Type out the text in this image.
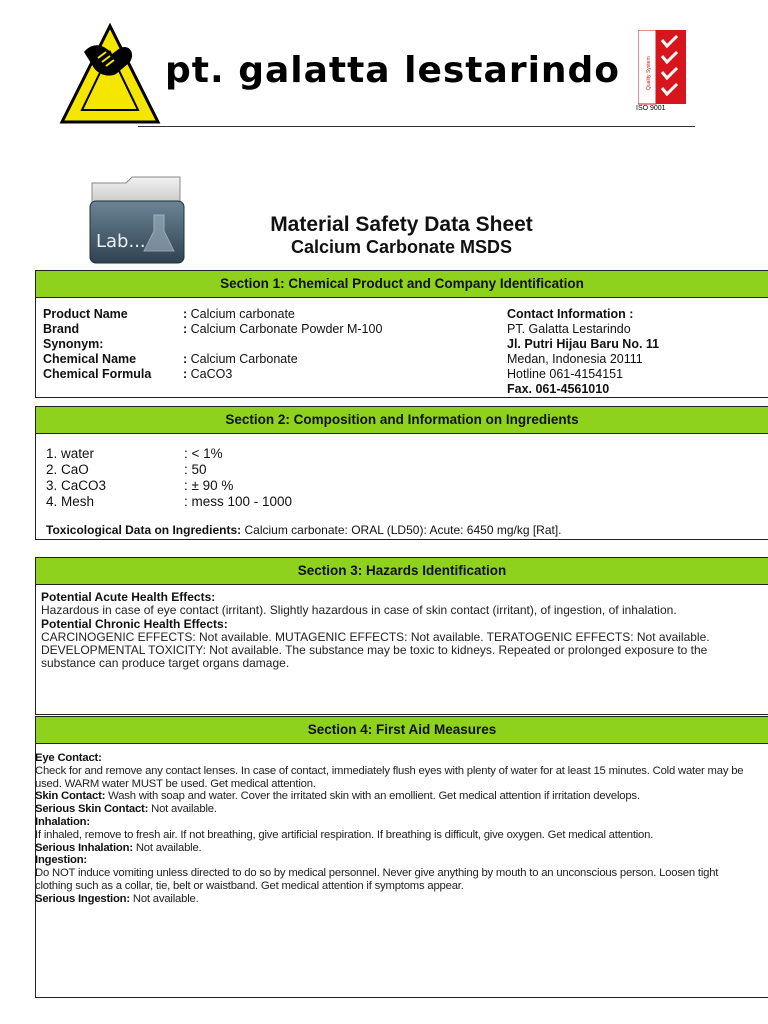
pt. galatta lestarindo	Quality System
ISO 9001
Lab...
Material Safety Data Sheet
Calcium Carbonate MSDS
Section 1: Chemical Product and Company Identification
Product Name	: Calcium carbonate
Brand	: Calcium Carbonate Powder M-100
Synonym:
Chemical Name	: Calcium Carbonate
Chemical Formula	: CaCO3
Contact Information :
PT. Galatta Lestarindo
Jl. Putri Hijau Baru No. 11
Medan, Indonesia 20111
Hotline 061-4154151
Fax. 061-4561010
Section 2: Composition and Information on Ingredients
1. water	: < 1%
2. CaO	: 50
3. CaCO3	: ± 90 %
4. Mesh	: mess 100 - 1000
Toxicological Data on Ingredients: Calcium carbonate: ORAL (LD50): Acute: 6450 mg/kg [Rat].
Section 3: Hazards Identification
Potential Acute Health Effects:
Hazardous in case of eye contact (irritant). Slightly hazardous in case of skin contact (irritant), of ingestion, of inhalation.
Potential Chronic Health Effects:
CARCINOGENIC EFFECTS: Not available. MUTAGENIC EFFECTS: Not available. TERATOGENIC EFFECTS: Not available.
DEVELOPMENTAL TOXICITY: Not available. The substance may be toxic to kidneys. Repeated or prolonged exposure to the substance can produce target organs damage.
Section 4: First Aid Measures
Eye Contact:
Check for and remove any contact lenses. In case of contact, immediately flush eyes with plenty of water for at least 15 minutes. Cold water may be used. WARM water MUST be used. Get medical attention.
Skin Contact: Wash with soap and water. Cover the irritated skin with an emollient. Get medical attention if irritation develops.
Serious Skin Contact: Not available.
Inhalation:
If inhaled, remove to fresh air. If not breathing, give artificial respiration. If breathing is difficult, give oxygen. Get medical attention.
Serious Inhalation: Not available.
Ingestion:
Do NOT induce vomiting unless directed to do so by medical personnel. Never give anything by mouth to an unconscious person. Loosen tight clothing such as a collar, tie, belt or waistband. Get medical attention if symptoms appear.
Serious Ingestion: Not available.
